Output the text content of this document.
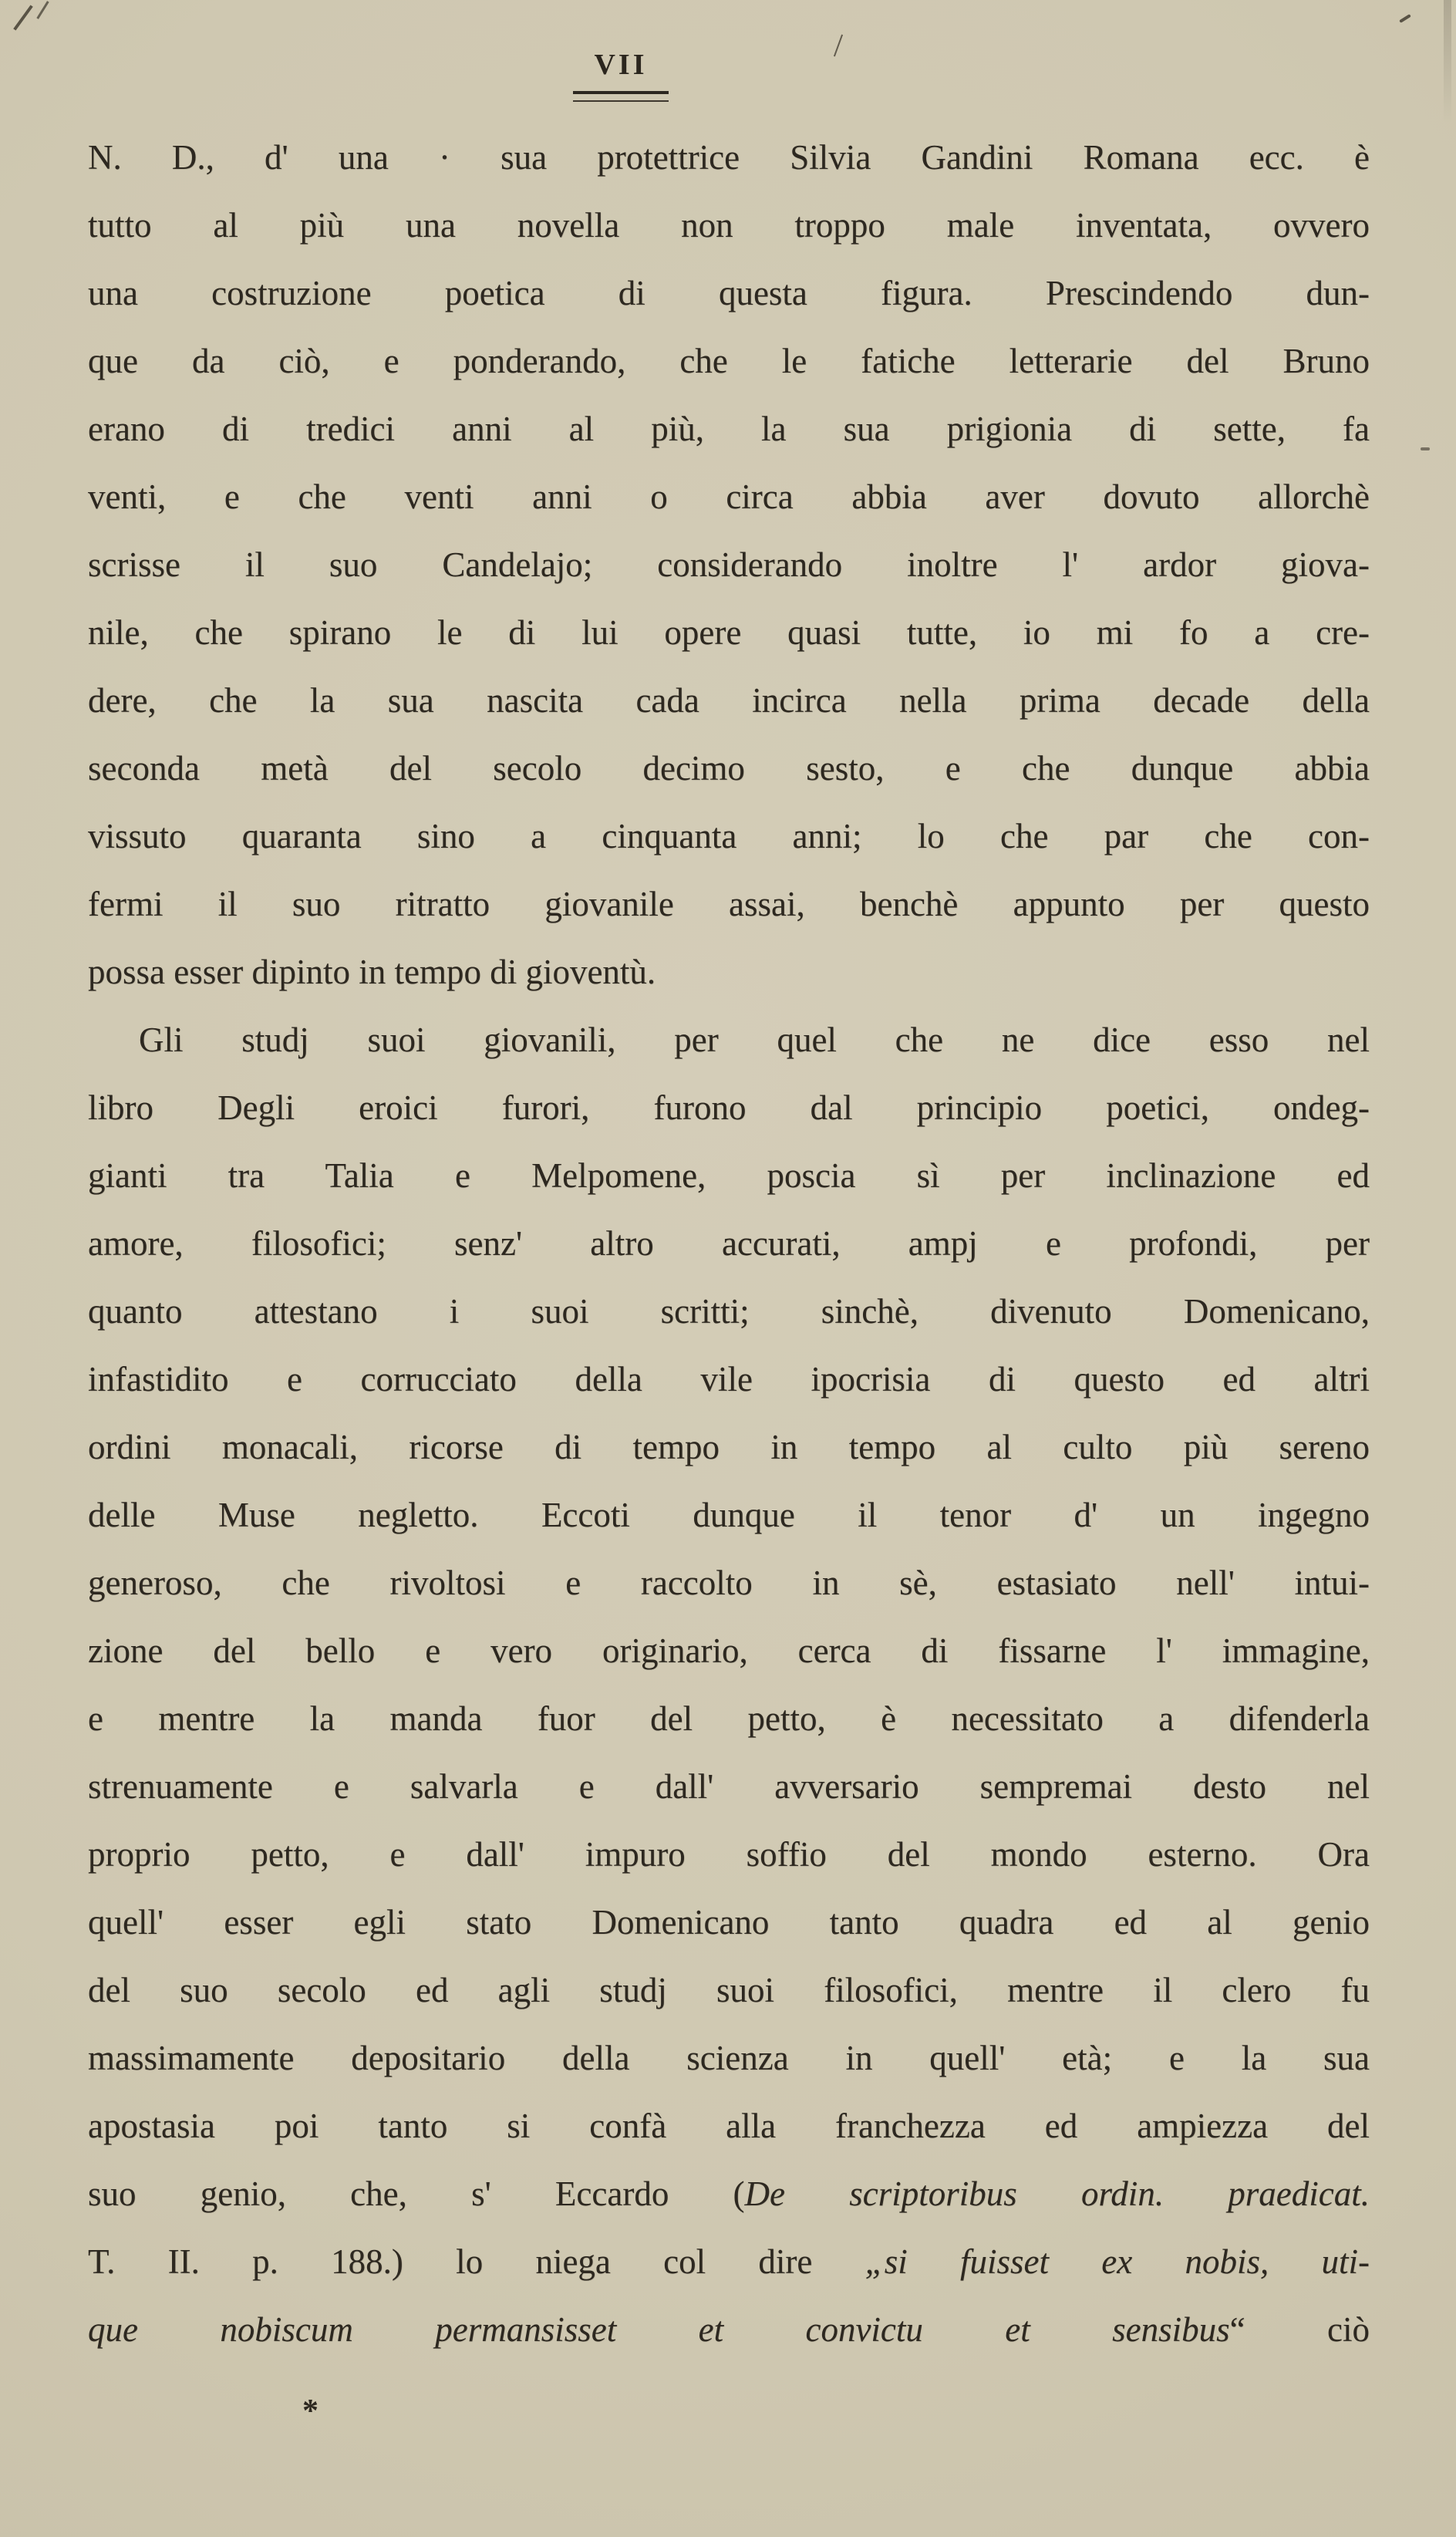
VII
N. D., d' una · sua protettrice Silvia Gandini Romana ecc. è
tutto al più una novella non troppo male inventata, ovvero
una costruzione poetica di questa figura. Prescindendo dun-
que da ciò, e ponderando, che le fatiche letterarie del Bruno
erano di tredici anni al più, la sua prigionia di sette, fa
venti, e che venti anni o circa abbia aver dovuto allorchè
scrisse il suo Candelajo; considerando inoltre l' ardor giova-
nile, che spirano le di lui opere quasi tutte, io mi fo a cre-
dere, che la sua nascita cada incirca nella prima decade della
seconda metà del secolo decimo sesto, e che dunque abbia
vissuto quaranta sino a cinquanta anni; lo che par che con-
fermi il suo ritratto giovanile assai, benchè appunto per questo
possa esser dipinto in tempo di gioventù.
Gli studj suoi giovanili, per quel che ne dice esso nel
libro Degli eroici furori, furono dal principio poetici, ondeg-
gianti tra Talia e Melpomene, poscia sì per inclinazione ed
amore, filosofici; senz' altro accurati, ampj e profondi, per
quanto attestano i suoi scritti; sinchè, divenuto Domenicano,
infastidito e corrucciato della vile ipocrisia di questo ed altri
ordini monacali, ricorse di tempo in tempo al culto più sereno
delle Muse negletto. Eccoti dunque il tenor d' un ingegno
generoso, che rivoltosi e raccolto in sè, estasiato nell' intui-
zione del bello e vero originario, cerca di fissarne l' immagine,
e mentre la manda fuor del petto, è necessitato a difenderla
strenuamente e salvarla e dall' avversario sempremai desto nel
proprio petto, e dall' impuro soffio del mondo esterno. Ora
quell' esser egli stato Domenicano tanto quadra ed al genio
del suo secolo ed agli studj suoi filosofici, mentre il clero fu
massimamente depositario della scienza in quell' età; e la sua
apostasia poi tanto si confà alla franchezza ed ampiezza del
suo genio, che, s' Eccardo (De scriptoribus ordin. praedicat.
T. II. p. 188.) lo niega col dire „si fuisset ex nobis, uti-
que nobiscum permansisset et convictu et sensibus“ ciò
*
